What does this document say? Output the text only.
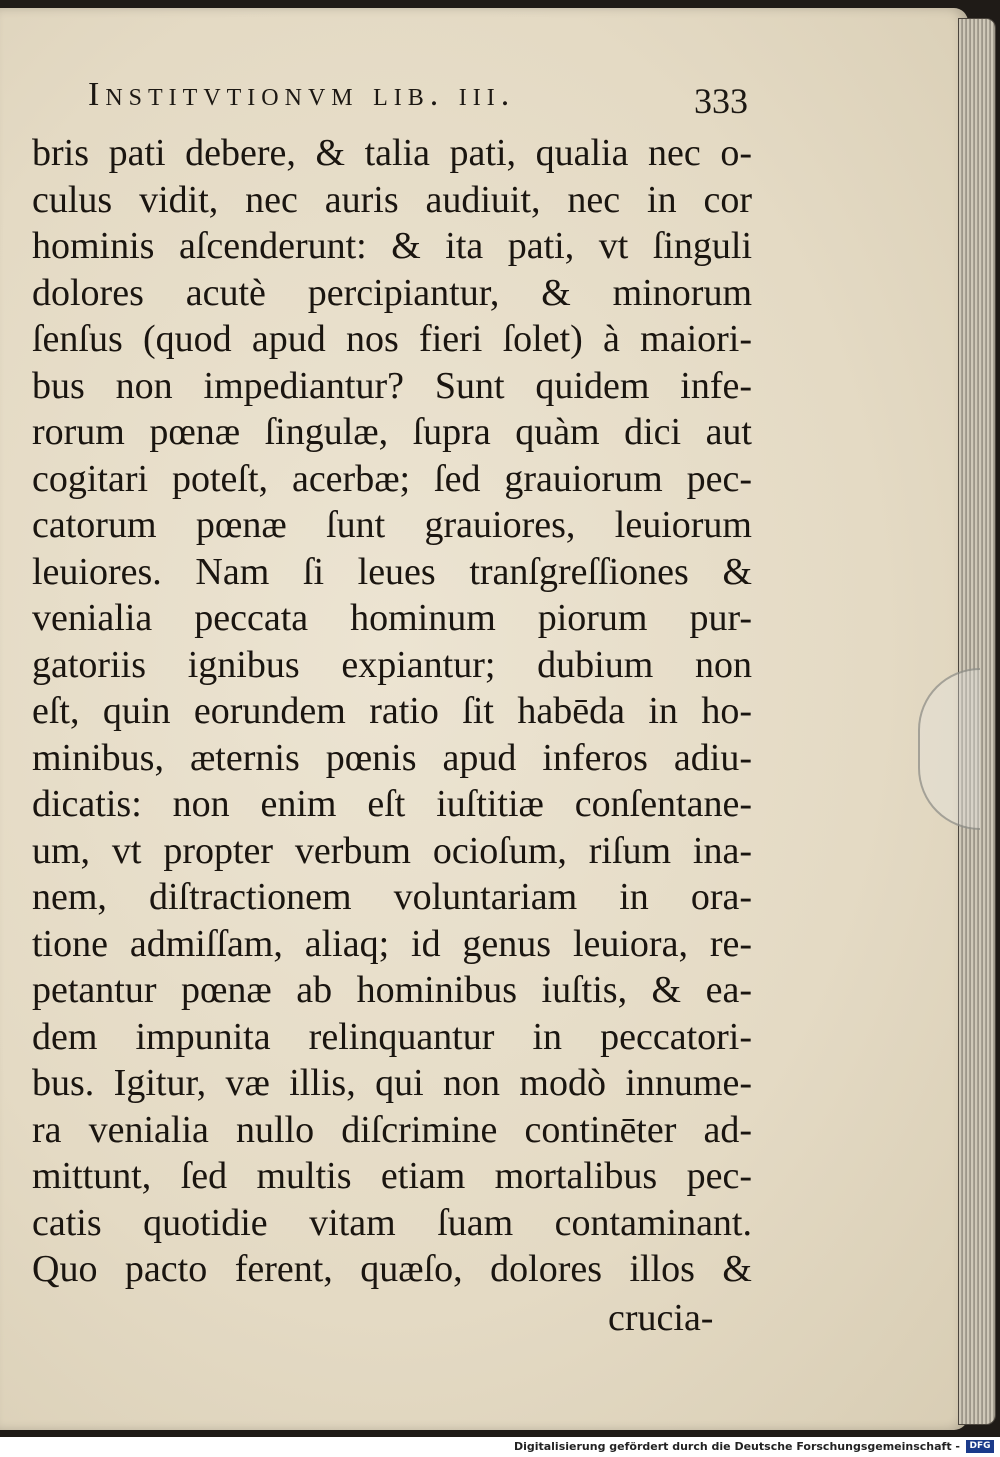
Institvtionvm lib. iii.	333
bris pati debere, & talia pati, qualia nec o-
culus vidit, nec auris audiuit, nec in cor
hominis aſcenderunt: & ita pati, vt ſinguli
dolores acutè percipiantur, & minorum
ſenſus (quod apud nos fieri ſolet) à maiori-
bus non impediantur? Sunt quidem infe-
rorum pœnæ ſingulæ, ſupra quàm dici aut
cogitari poteſt, acerbæ; ſed grauiorum pec-
catorum pœnæ ſunt grauiores, leuiorum
leuiores. Nam ſi leues tranſgreſſiones &
venialia peccata hominum piorum pur-
gatoriis ignibus expiantur; dubium non
eſt, quin eorundem ratio ſit habēda in ho-
minibus, æternis pœnis apud inferos adiu-
dicatis: non enim eſt iuſtitiæ conſentane-
um, vt propter verbum ocioſum, riſum ina-
nem, diſtractionem voluntariam in ora-
tione admiſſam, aliaq; id genus leuiora, re-
petantur pœnæ ab hominibus iuſtis, & ea-
dem impunita relinquantur in peccatori-
bus. Igitur, væ illis, qui non modò innume-
ra venialia nullo diſcrimine continēter ad-
mittunt, ſed multis etiam mortalibus pec-
catis quotidie vitam ſuam contaminant.
Quo pacto ferent, quæſo, dolores illos &
crucia-
Digitalisierung gefördert durch die Deutsche Forschungsgemeinschaft -	DFG
